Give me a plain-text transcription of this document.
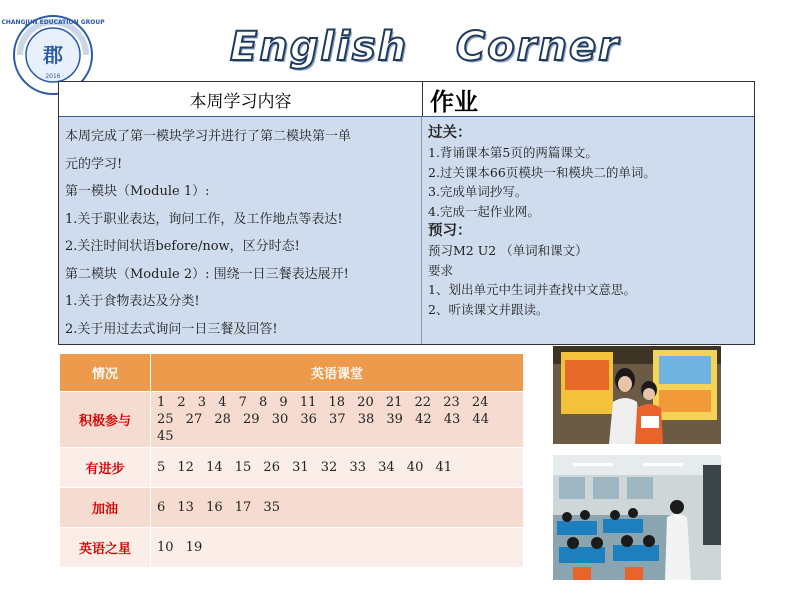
郡
2016
CHANGJUN EDUCATION GROUP
English   Corner
本周学习内容	作业
本周完成了第一模块学习并进行了第二模块第一单
元的学习!
第一模块（Module 1）:
1.关于职业表达，询问工作，及工作地点等表达!
2.关注时间状语before/now，区分时态!
第二模块（Module 2）: 围绕一日三餐表达展开!
1.关于食物表达及分类!
2.关于用过去式询问一日三餐及回答!
过关：
1.背诵课本第5页的两篇课文。
2.过关课本66页模块一和模块二的单词。
3.完成单词抄写。
4.完成一起作业网。
预习：
预习M2 U2 （单词和课文）
要求
1、划出单元中生词并查找中文意思。
2、听读课文并跟读。
情况	英语课堂
积极参与	1 2 3 4 7 8 9 11 18 20 21 22 23 24 25 27 28 29 30 36 37 38 39 42 43 44 45
有进步	5 12 14 15 26 31 32 33 34 40 41
加油	6 13 16 17 35
英语之星	10 19
